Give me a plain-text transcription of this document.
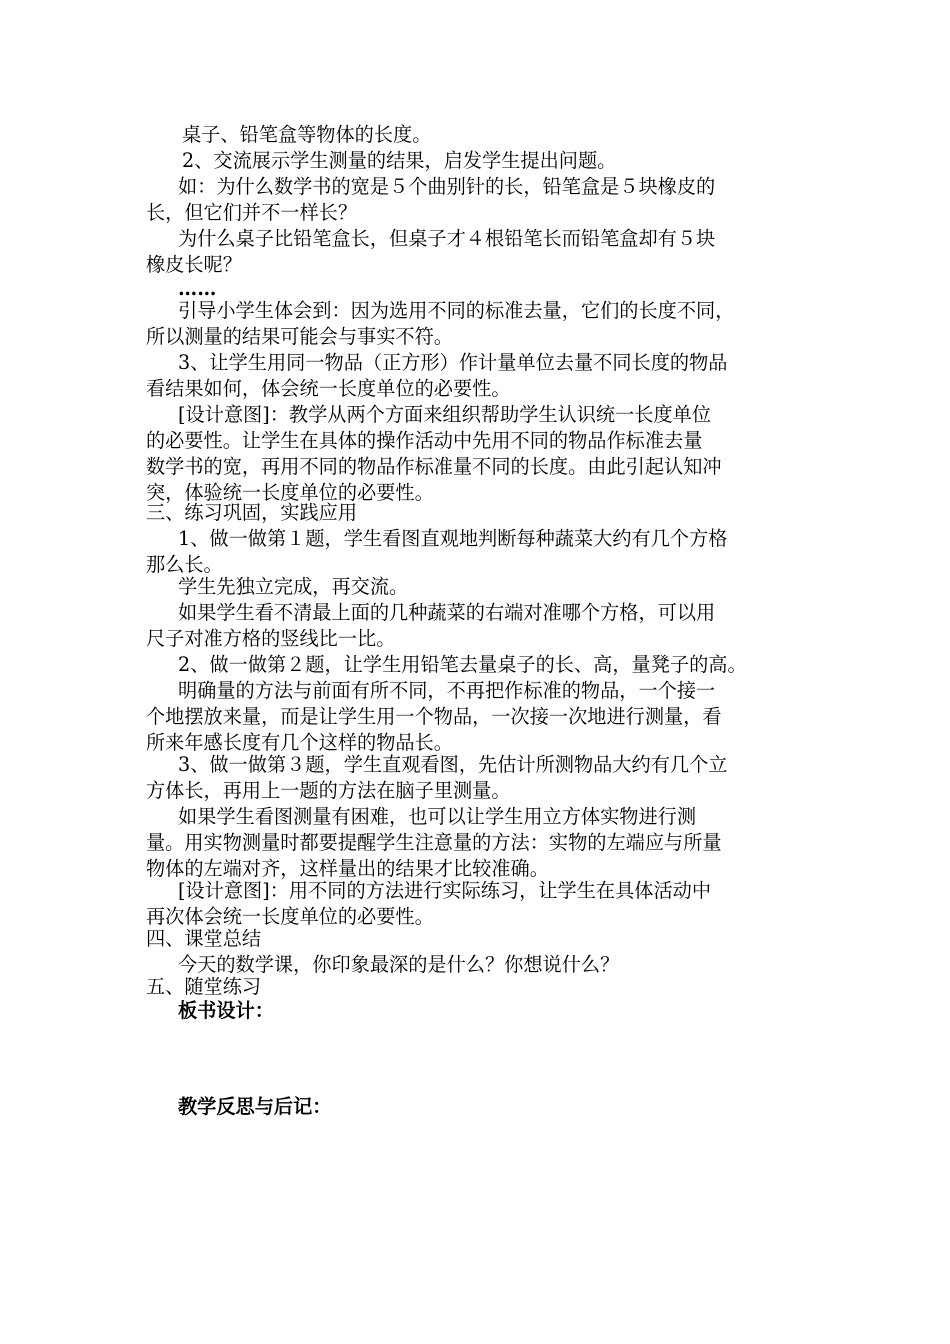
桌子、铅笔盒等物体的长度。
2、交流展示学生测量的结果，启发学生提出问题。
如：为什么数学书的宽是５个曲别针的长，铅笔盒是５块橡皮的
长，但它们并不一样长？
为什么桌子比铅笔盒长，但桌子才４根铅笔长而铅笔盒却有５块
橡皮长呢？
……
引导小学生体会到：因为选用不同的标准去量，它们的长度不同，
所以测量的结果可能会与事实不符。
3、让学生用同一物品（正方形）作计量单位去量不同长度的物品
看结果如何，体会统一长度单位的必要性。
[设计意图]：教学从两个方面来组织帮助学生认识统一长度单位
的必要性。让学生在具体的操作活动中先用不同的物品作标准去量
数学书的宽，再用不同的物品作标准量不同的长度。由此引起认知冲
突，体验统一长度单位的必要性。
三、练习巩固，实践应用
1、做一做第１题，学生看图直观地判断每种蔬菜大约有几个方格
那么长。
学生先独立完成，再交流。
如果学生看不清最上面的几种蔬菜的右端对准哪个方格，可以用
尺子对准方格的竖线比一比。
2、做一做第２题，让学生用铅笔去量桌子的长、高，量凳子的高。
明确量的方法与前面有所不同，不再把作标准的物品，一个接一
个地摆放来量，而是让学生用一个物品，一次接一次地进行测量，看
所来年感长度有几个这样的物品长。
3、做一做第３题，学生直观看图，先估计所测物品大约有几个立
方体长，再用上一题的方法在脑子里测量。
如果学生看图测量有困难，也可以让学生用立方体实物进行测
量。用实物测量时都要提醒学生注意量的方法：实物的左端应与所量
物体的左端对齐，这样量出的结果才比较准确。
[设计意图]：用不同的方法进行实际练习，让学生在具体活动中
再次体会统一长度单位的必要性。
四、课堂总结
今天的数学课，你印象最深的是什么？你想说什么？
五、随堂练习
板书设计：
教学反思与后记：
